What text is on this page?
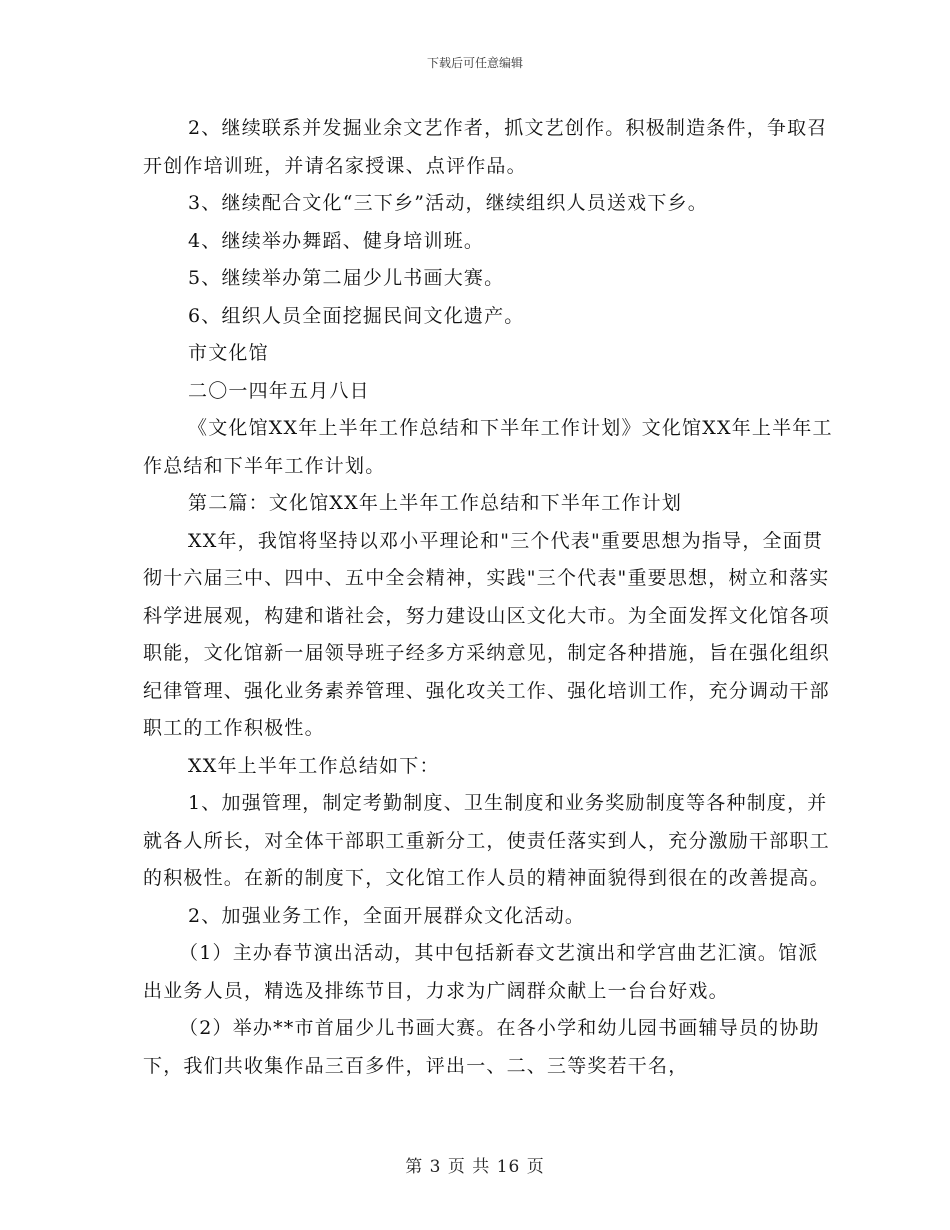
下载后可任意编辑

2、继续联系并发掘业余文艺作者，抓文艺创作。积极制造条件，争取召开创作培训班，并请名家授课、点评作品。

3、继续配合文化“三下乡”活动，继续组织人员送戏下乡。

4、继续举办舞蹈、健身培训班。

5、继续举办第二届少儿书画大赛。

6、组织人员全面挖掘民间文化遗产。

市文化馆

二〇一四年五月八日

《文化馆XX年上半年工作总结和下半年工作计划》文化馆XX年上半年工作总结和下半年工作计划。

第二篇：文化馆XX年上半年工作总结和下半年工作计划

XX年，我馆将坚持以邓小平理论和"三个代表"重要思想为指导，全面贯彻十六届三中、四中、五中全会精神，实践"三个代表"重要思想，树立和落实科学进展观，构建和谐社会，努力建设山区文化大市。为全面发挥文化馆各项职能，文化馆新一届领导班子经多方采纳意见，制定各种措施，旨在强化组织纪律管理、强化业务素养管理、强化攻关工作、强化培训工作，充分调动干部职工的工作积极性。

XX年上半年工作总结如下：

1、加强管理，制定考勤制度、卫生制度和业务奖励制度等各种制度，并就各人所长，对全体干部职工重新分工，使责任落实到人，充分激励干部职工的积极性。在新的制度下，文化馆工作人员的精神面貌得到很在的改善提高。

2、加强业务工作，全面开展群众文化活动。

（1）主办春节演出活动，其中包括新春文艺演出和学宫曲艺汇演。馆派出业务人员，精选及排练节目，力求为广阔群众献上一台台好戏。

（2）举办**市首届少儿书画大赛。在各小学和幼儿园书画辅导员的协助下，我们共收集作品三百多件，评出一、二、三等奖若干名，

第 3 页 共 16 页
